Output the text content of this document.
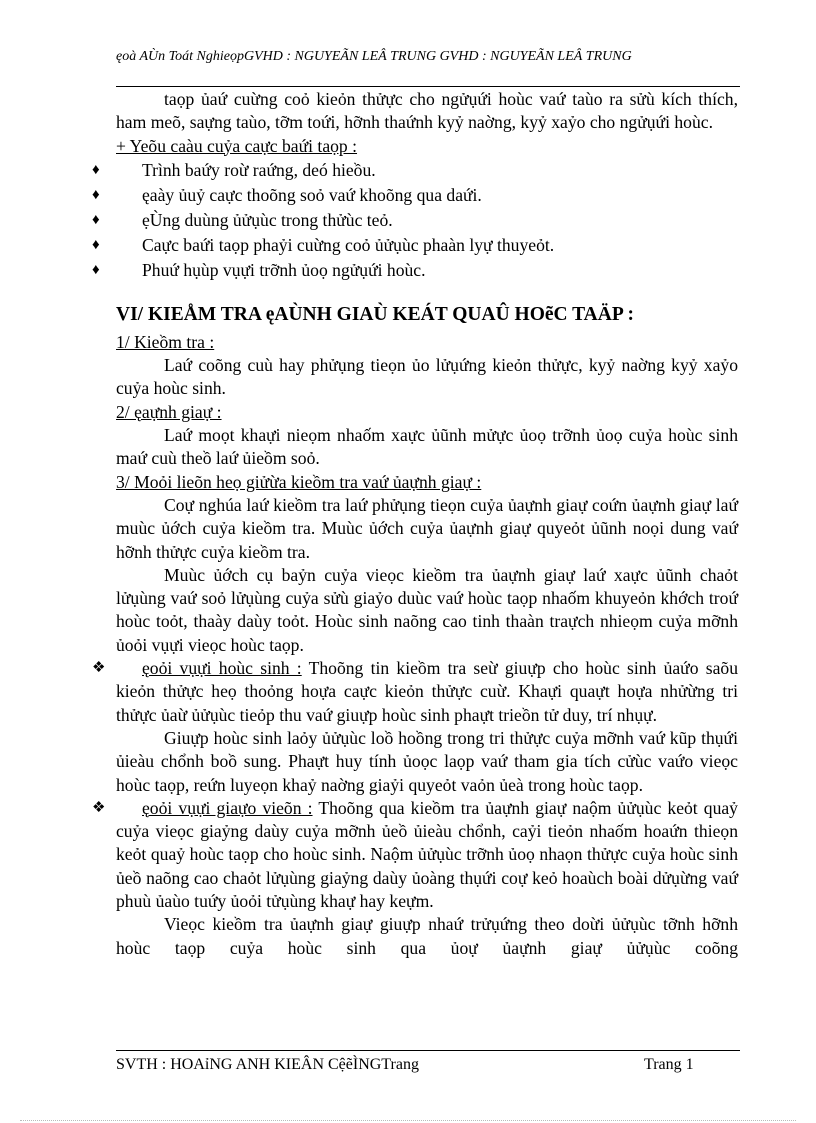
ęoà AÙn Toát NghieọpGVHD : NGUYEÃN LEÂ TRUNG GVHD : NGUYEÃN LEÂ TRUNG

taọp ủaứ cuừng coỏ kieỏn thửực cho ngửụứi hoùc vaứ taùo ra sửù kích thích, ham meõ, saựng taùo, tỡm toứi, hỡnh thaứnh kyỷ naờng, kyỷ xaỷo cho ngửụứi hoùc.

+ Yeõu caàu cuỷa caực baứi taọp :

♦ Trình baứy roừ raứng, deó hieồu.

♦ ęaày ủuỷ caực thoõng soỏ vaứ khoõng qua daứi.

♦ ẹÙng duùng ủửụùc trong thửùc teỏ.

♦ Caực baứi taọp phaỷi cuừng coỏ ủửụùc phaàn lyự thuyeỏt.

♦ Phuứ hụùp vụựi trỡnh ủoọ ngửụứi hoùc.

VI/ KIEÅM TRA ęAÙNH GIAÙ KEÁT QUAÛ HOẽC TAÄP :

1/ Kieồm tra :

Laứ coõng cuù hay phửụng tieọn ủo lửụứng kieỏn thửực, kyỷ naờng kyỷ xaỷo cuỷa hoùc sinh.

2/ ęaựnh giaự :

Laứ moọt khaựi nieọm nhaốm xaực ủũnh mửực ủoọ trỡnh ủoọ cuỷa hoùc sinh maứ cuù theồ laứ ủieồm soỏ.

3/ Moỏi lieõn heọ giửừa kieồm tra vaứ ủaựnh giaự :

Coự nghúa laứ kieồm tra laứ phửụng tieọn cuỷa ủaựnh giaự coứn ủaựnh giaự laứ muùc ủớch cuỷa kieồm tra. Muùc ủớch cuỷa ủaựnh giaự quyeỏt ủũnh noọi dung vaứ hỡnh thửực cuỷa kieồm tra.

Muùc ủớch cụ baỷn cuỷa vieọc kieồm tra ủaựnh giaự laứ xaực ủũnh chaỏt lửụùng vaứ soỏ lửụùng cuỷa sửù giaỷo duùc vaứ hoùc taọp nhaốm khuyeỏn khớch troứ hoùc toỏt, thaày daùy toỏt. Hoùc sinh naõng cao tinh thaàn traựch nhieọm cuỷa mỡnh ủoỏi vụựi vieọc hoùc taọp.

❖	ęoỏi vụựi hoùc sinh : Thoõng tin kieồm tra seừ giuựp cho hoùc sinh ủaứo saõu kieỏn thửực heọ thoỏng hoựa caực kieỏn thửực cuừ. Khaựi quaựt hoựa nhửừng tri thửực ủaừ ủửụùc tieỏp thu vaứ giuựp hoùc sinh phaựt trieồn tử duy, trí nhụự.

Giuựp hoùc sinh laỏy ủửụùc loồ hoồng trong tri thửực cuỷa mỡnh vaứ kũp thụứi ủieàu chổnh boồ sung. Phaựt huy tính ủoọc laọp vaứ tham gia tích cửùc vaứo vieọc hoùc taọp, reứn luyeọn khaỷ naờng giaỷi quyeỏt vaỏn ủeà trong hoùc taọp.

❖	ęoỏi vụựi giaựo vieõn : Thoõng qua kieồm tra ủaựnh giaự naộm ủửụùc keỏt quaỷ cuỷa vieọc giaỷng daùy cuỷa mỡnh ủeồ ủieàu chổnh, caỷi tieỏn nhaốm hoaứn thieọn keỏt quaỷ hoùc taọp cho hoùc sinh. Naộm ủửụùc trỡnh ủoọ nhaọn thửực cuỷa hoùc sinh ủeồ naõng cao chaỏt lửụùng giaỷng daùy ủoàng thụứi coự keỏ hoaùch boài dửụừng vaứ phuù ủaùo tuứy ủoỏi tửụùng khaự hay keựm.

Vieọc kieồm tra ủaựnh giaự giuựp nhaứ trửụứng theo doừi ủửụùc tỡnh hỡnh hoùc taọp cuỷa hoùc sinh qua ủoự ủaựnh giaự ủửụùc coõng

SVTH : HOAỉNG ANH KIEÂN CệẽÌNGTrang	Trang 1
